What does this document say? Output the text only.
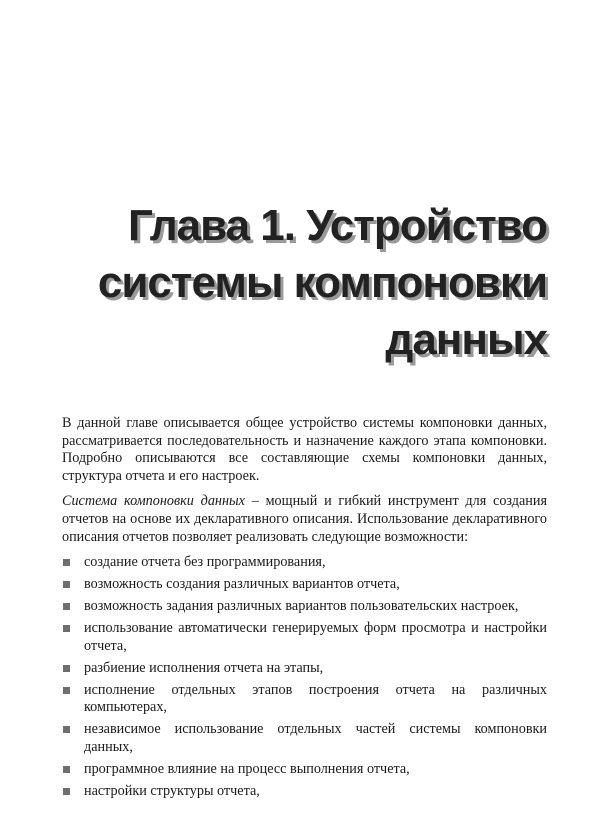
Глава 1. Устройство
системы компоновки
данных

В данной главе описывается общее устройство системы компоновки данных, рассматривается последовательность и назначение каждого этапа компоновки. Подробно описываются все составляющие схемы компоновки данных, структура отчета и его настроек.

Система компоновки данных – мощный и гибкий инструмент для создания отчетов на основе их декларативного описания. Использование декларативного описания отчетов позволяет реализовать следующие возможности:

создание отчета без программирования,
возможность создания различных вариантов отчета,
возможность задания различных вариантов пользовательских настроек,
использование автоматически генерируемых форм просмотра и настройки отчета,
разбиение исполнения отчета на этапы,
исполнение отдельных этапов построения отчета на различных компьютерах,
независимое использование отдельных частей системы компоновки данных,
программное влияние на процесс выполнения отчета,
настройки структуры отчета,
